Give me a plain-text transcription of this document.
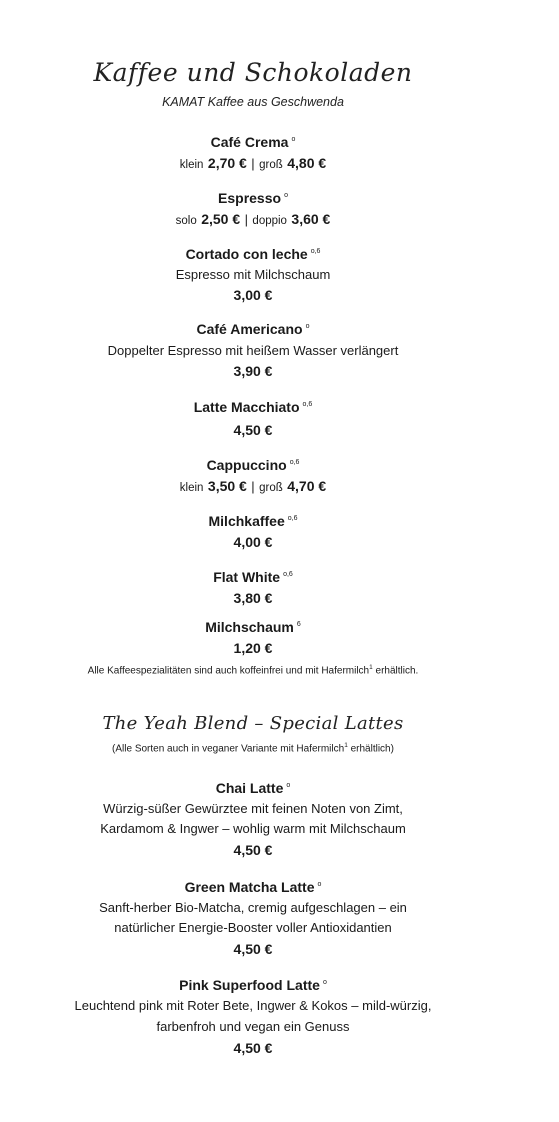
Kaffee und Schokoladen
KAMAT Kaffee aus Geschwenda
Café Crema $^o$
klein 2,70 € | groß 4,80 €
Espresso $^o$
solo 2,50 € | doppio 3,60 €
Cortado con leche $^{o,6}$
Espresso mit Milchschaum
3,00 €
Café Americano $^o$
Doppelter Espresso mit heißem Wasser verlängert
3,90 €
Latte Macchiato $^{o,6}$
4,50 €
Cappuccino $^{o,6}$
klein 3,50 € | groß 4,70 €
Milchkaffee $^{o,6}$
4,00 €
Flat White $^{o,6}$
3,80 €
Milchschaum $^6$
1,20 €
Alle Kaffeespezialitäten sind auch koffeinfrei und mit Hafermilch$^1$ erhältlich.
The Yeah Blend – Special Lattes
(Alle Sorten auch in veganer Variante mit Hafermilch$^1$ erhältlich)
Chai Latte $^o$
Würzig-süßer Gewürztee mit feinen Noten von Zimt,
Kardamom & Ingwer – wohlig warm mit Milchschaum
4,50 €
Green Matcha Latte $^o$
Sanft-herber Bio-Matcha, cremig aufgeschlagen – ein
natürlicher Energie-Booster voller Antioxidantien
4,50 €
Pink Superfood Latte $^o$
Leuchtend pink mit Roter Bete, Ingwer & Kokos – mild-würzig,
farbenfroh und vegan ein Genuss
4,50 €
